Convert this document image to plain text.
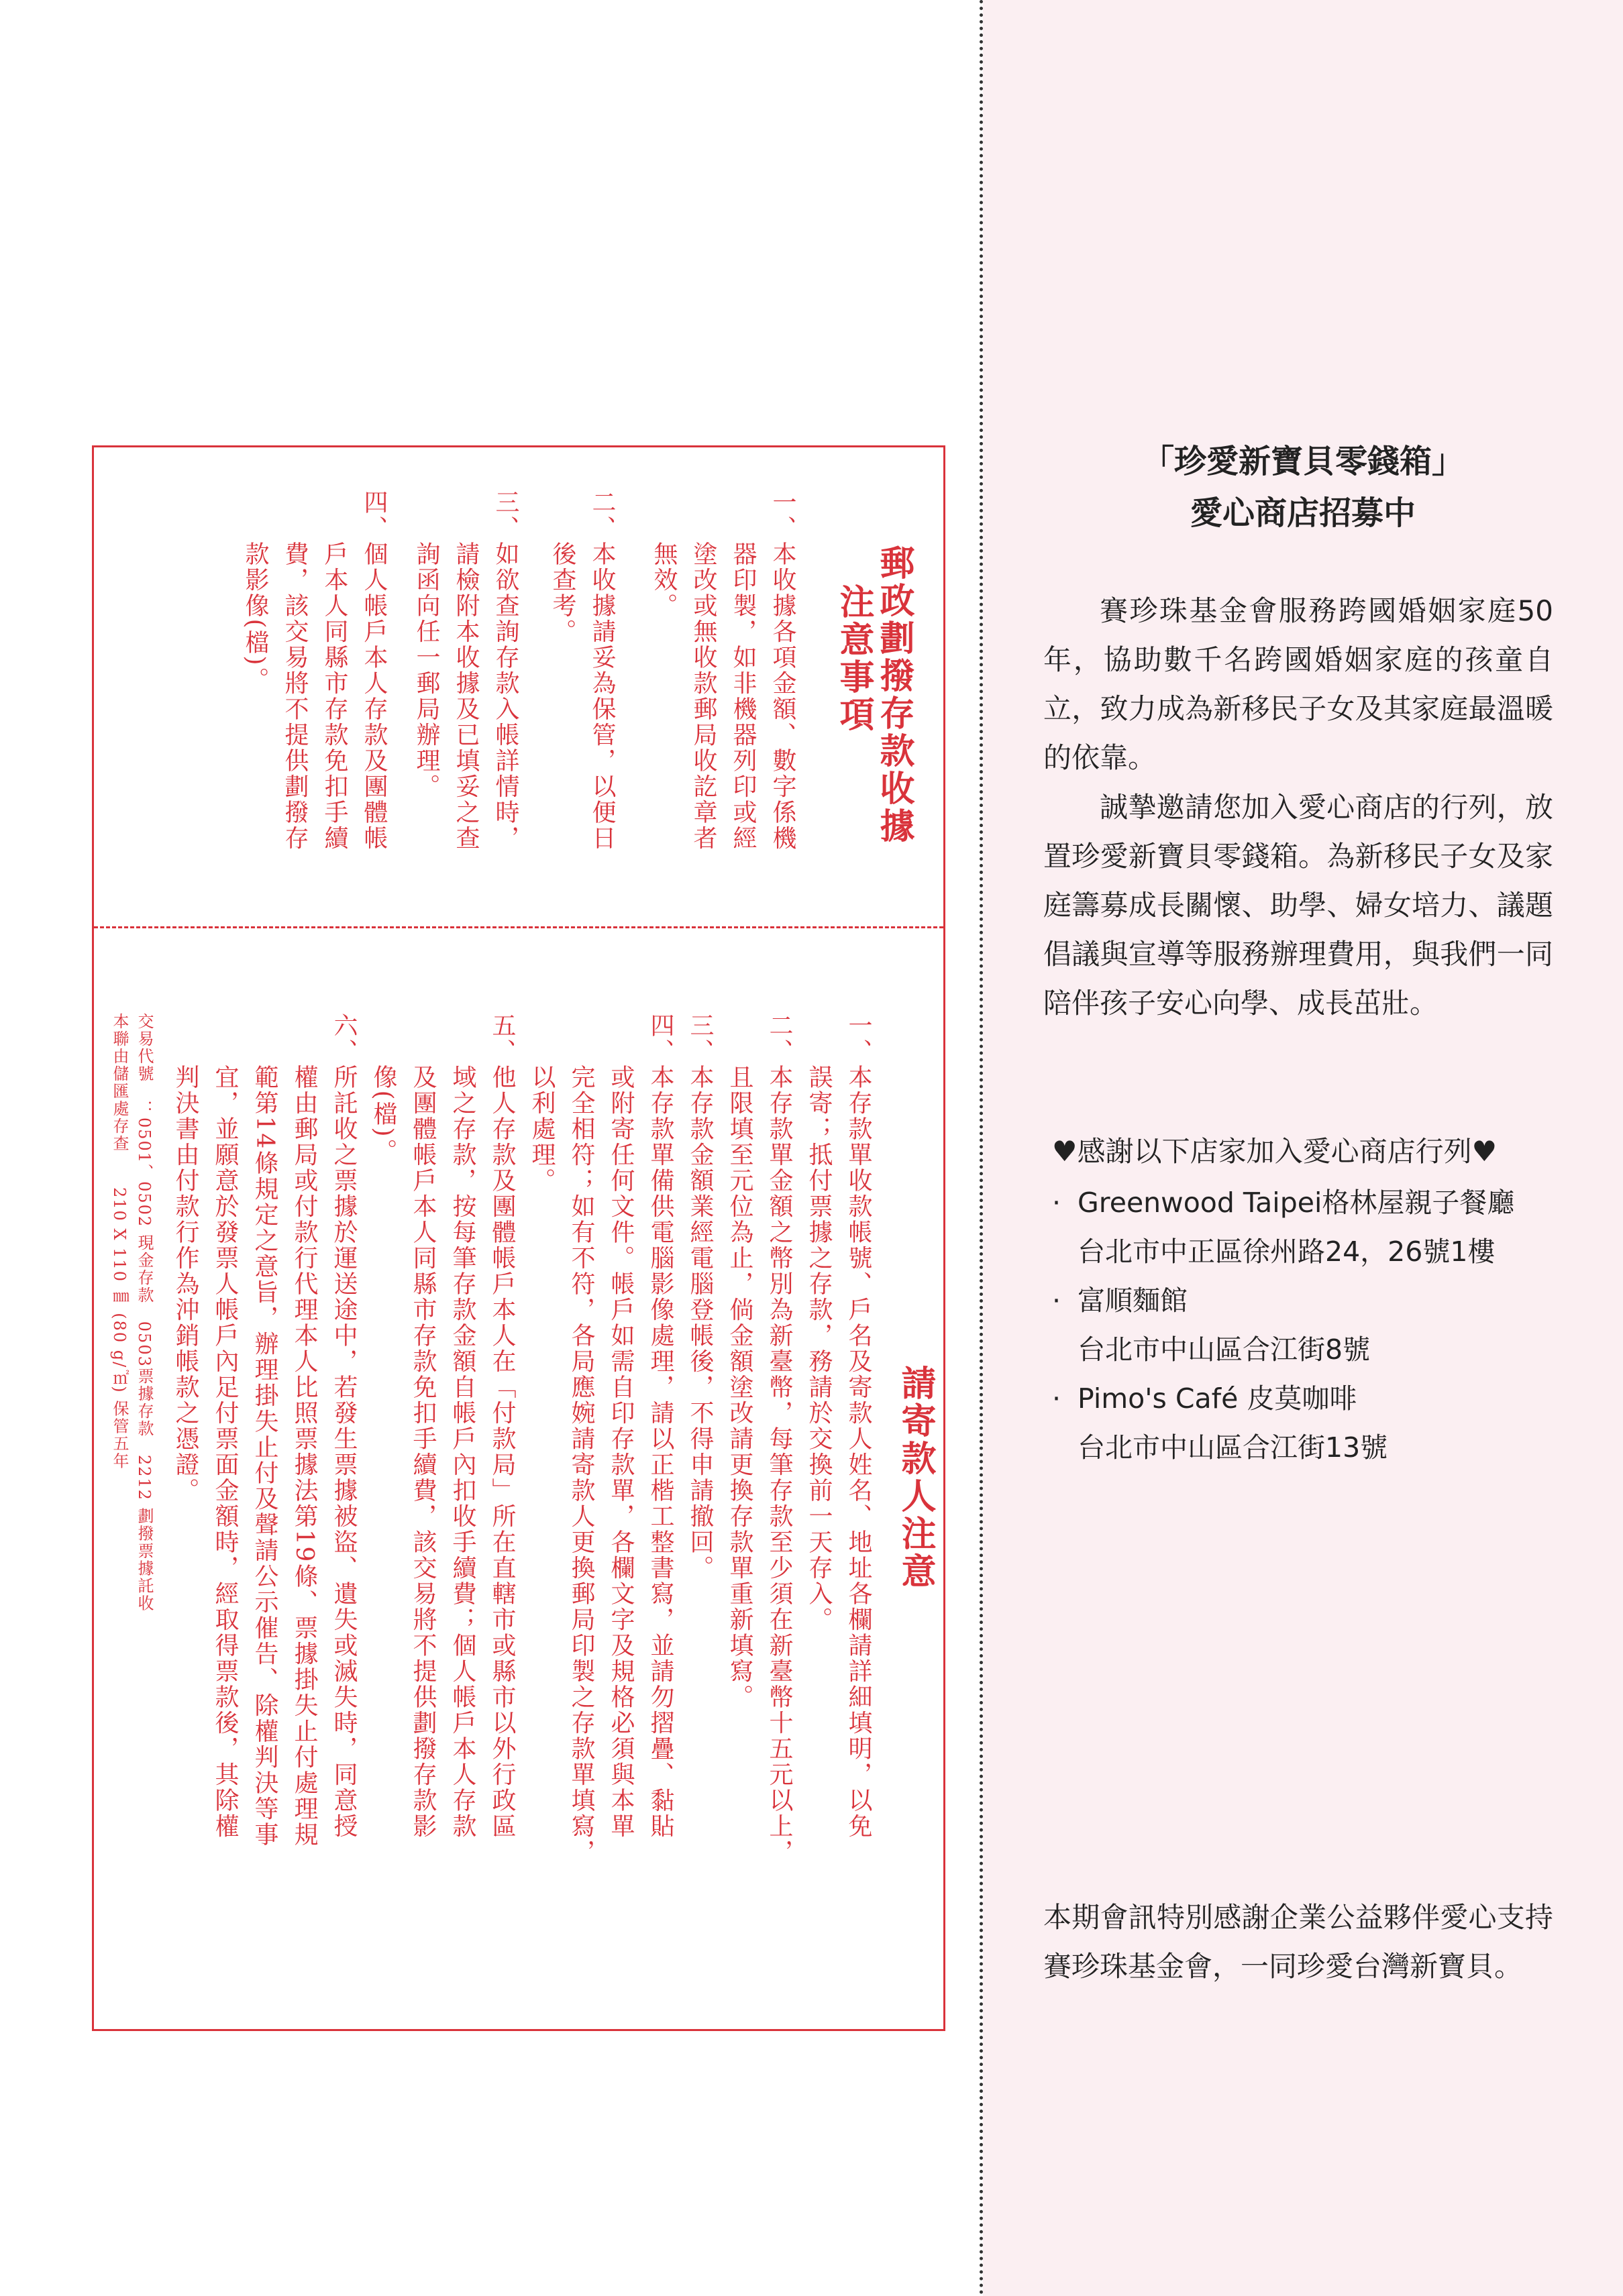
郵政劃撥存款收據
注意事項
一、本收據各項金額、數字係機
　　器印製，如非機器列印或經
　　塗改或無收款郵局收訖章者
　　無效。
二、本收據請妥為保管，以便日
　　後查考。
三、如欲查詢存款入帳詳情時，
　　請檢附本收據及已填妥之查
　　詢函向任一郵局辦理。
四、個人帳戶本人存款及團體帳
　　戶本人同縣市存款免扣手續
　　費，該交易將不提供劃撥存
　　款影像(檔)。
請寄款人注意
一、本存款單收款帳號、戶名及寄款人姓名、地址各欄請詳細填明，以免
　　誤寄；抵付票據之存款，務請於交換前一天存入。
二、本存款單金額之幣別為新臺幣，每筆存款至少須在新臺幣十五元以上，
　　且限填至元位為止，倘金額塗改請更換存款單重新填寫。
三、本存款金額業經電腦登帳後，不得申請撤回。
四、本存款單備供電腦影像處理，請以正楷工整書寫，並請勿摺疊、黏貼
　　或附寄任何文件。帳戶如需自印存款單，各欄文字及規格必須與本單
　　完全相符；如有不符，各局應婉請寄款人更換郵局印製之存款單填寫，
　　以利處理。
五、他人存款及團體帳戶本人在「付款局」所在直轄市或縣市以外行政區
　　域之存款，按每筆存款金額自帳戶內扣收手續費；個人帳戶本人存款
　　及團體帳戶本人同縣市存款免扣手續費，該交易將不提供劃撥存款影
　　像(檔)。
六、所託收之票據於運送途中，若發生票據被盜、遺失或滅失時，同意授
　　權由郵局或付款行代理本人比照票據法第19條、票據掛失止付處理規
　　範第14條規定之意旨，辦理掛失止付及聲請公示催告、除權判決等事
　　宜，並願意於發票人帳戶內足付票面金額時，經取得票款後，其除權
　　判決書由付款行作為沖銷帳款之憑證。
交易代號　：0501、0502 現金存款　0503票據存款　2212 劃撥票據託收
本聯由儲匯處存查　　210 X 110 ㎜ (80 g/㎡) 保管五年
「珍愛新寶貝零錢箱」
愛心商店招募中

賽珍珠基金會服務跨國婚姻家庭50年，協助數千名跨國婚姻家庭的孩童自立，致力成為新移民子女及其家庭最溫暖的依靠。

誠摯邀請您加入愛心商店的行列，放置珍愛新寶貝零錢箱。為新移民子女及家庭籌募成長關懷、助學、婦女培力、議題倡議與宣導等服務辦理費用，與我們一同陪伴孩子安心向學、成長茁壯。

♥感謝以下店家加入愛心商店行列♥
· Greenwood Taipei格林屋親子餐廳
台北市中正區徐州路24，26號1樓
· 富順麵館
台北市中山區合江街8號
· Pimo's Café 皮莫咖啡
台北市中山區合江街13號

本期會訊特別感謝企業公益夥伴愛心支持賽珍珠基金會，一同珍愛台灣新寶貝。
